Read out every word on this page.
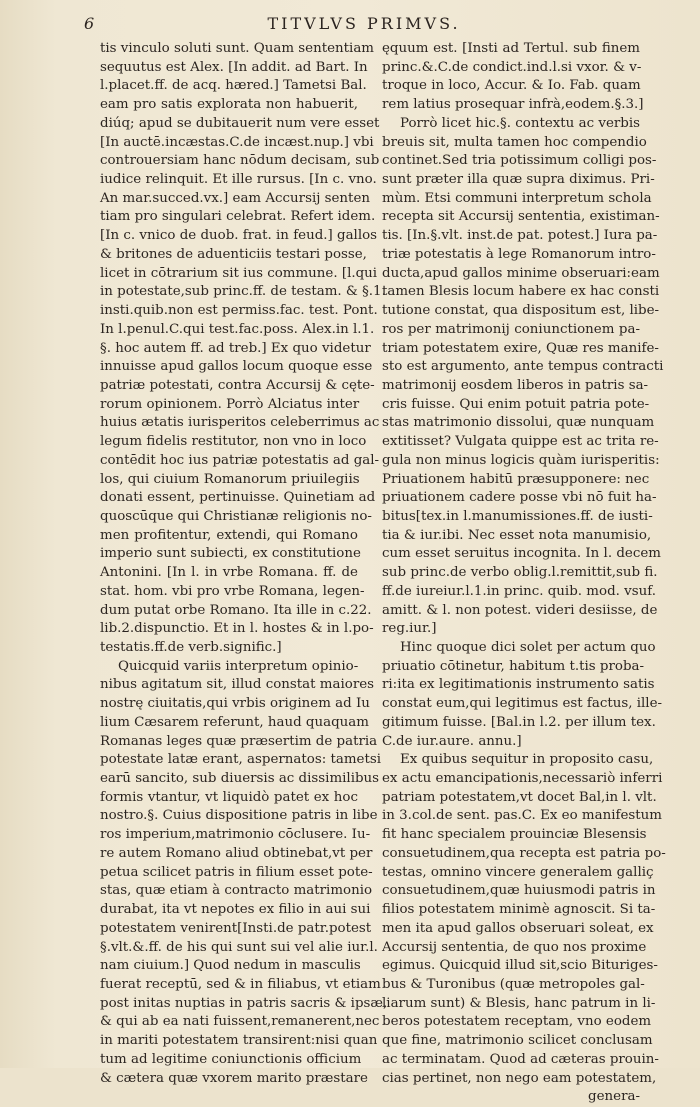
6	TITVLVS PRIMVS.
tis vinculo soluti sunt. Quam sententiam
sequutus est Alex. [In addit. ad Bart. In
l.placet.ff. de acq. hæred.] Tametsi Bal.
eam pro satis explorata non habuerit,
diúq; apud se dubitauerit num vere esset
[In auctē.incæstas.C.de incæst.nup.] vbi
controuersiam hanc nōdum decisam, sub
iudice relinquit. Et ille rursus. [In c. vno.
An mar.succed.vx.] eam Accursij senten
tiam pro singulari celebrat. Refert idem.
[In c. vnico de duob. frat. in feud.] gallos
& britones de aduenticiis testari posse,
licet in cōtrarium sit ius commune. [l.qui
in potestate,sub princ.ff. de testam. & §.1.
insti.quib.non est permiss.fac. test. Pont.
In l.penul.C.qui test.fac.poss. Alex.in l.1.
§. hoc autem ff. ad treb.] Ex quo videtur
innuisse apud gallos locum quoque esse
patriæ potestati, contra Accursij & cęte-
rorum opinionem. Porrò Alciatus inter
huius ætatis iurisperitos celeberrimus ac
legum fidelis restitutor, non vno in loco
contēdit hoc ius patriæ potestatis ad gal-
los, qui ciuium Romanorum priuilegiis
donati essent, pertinuisse. Quinetiam ad
quoscūque qui Christianæ religionis no-
men profitentur, extendi, qui Romano
imperio sunt subiecti, ex constitutione
Antonini. [In l. in vrbe Romana. ff. de
stat. hom. vbi pro vrbe Romana, legen-
dum putat orbe Romano. Ita ille in c.22.
lib.2.dispunctio. Et in l. hostes & in l.po-
testatis.ff.de verb.signific.]
Quicquid variis interpretum opinio-
nibus agitatum sit, illud constat maiores
nostrę ciuitatis,qui vrbis originem ad Iu
lium Cæsarem referunt, haud quaquam
Romanas leges quæ præsertim de patria
potestate latæ erant, aspernatos: tametsi
earū sancito, sub diuersis ac dissimilibus
formis vtantur, vt liquidò patet ex hoc
nostro.§. Cuius dispositione patris in libe
ros imperium,matrimonio cōclusere. Iu-
re autem Romano aliud obtinebat,vt per
petua scilicet patris in filium esset pote-
stas, quæ etiam à contracto matrimonio
durabat, ita vt nepotes ex filio in aui sui
potestatem venirent[Insti.de patr.potest
§.vlt.&.ff. de his qui sunt sui vel alie iur.l.
nam ciuium.] Quod nedum in masculis
fuerat receptū, sed & in filiabus, vt etiam
post initas nuptias in patris sacris & ipsæ,
& qui ab ea nati fuissent,remanerent,nec
in mariti potestatem transirent:nisi quan
tum ad legitime coniunctionis officium
& cætera quæ vxorem marito præstare
ęquum est. [Insti ad Tertul. sub finem
princ.&.C.de condict.ind.l.si vxor. & v-
troque in loco, Accur. & Io. Fab. quam
rem latius prosequar infrà,eodem.§.3.]
Porrò licet hic.§. contextu ac verbis
breuis sit, multa tamen hoc compendio
continet.Sed tria potissimum colligi pos-
sunt præter illa quæ supra diximus. Pri-
mùm. Etsi communi interpretum schola
recepta sit Accursij sententia, existiman-
tis. [In.§.vlt. inst.de pat. potest.] Iura pa-
triæ potestatis à lege Romanorum intro-
ducta,apud gallos minime obseruari:eam
tamen Blesis locum habere ex hac consti
tutione constat, qua dispositum est, libe-
ros per matrimonij coniunctionem pa-
triam potestatem exire, Quæ res manife-
sto est argumento, ante tempus contracti
matrimonij eosdem liberos in patris sa-
cris fuisse. Qui enim potuit patria pote-
stas matrimonio dissolui, quæ nunquam
extitisset? Vulgata quippe est ac trita re-
gula non minus logicis quàm iurisperitis:
Priuationem habitū præsupponere: nec
priuationem cadere posse vbi nō fuit ha-
bitus[tex.in l.manumissiones.ff. de iusti-
tia & iur.ibi. Nec esset nota manumisio,
cum esset seruitus incognita. In l. decem
sub princ.de verbo oblig.l.remittit,sub fi.
ff.de iureiur.l.1.in princ. quib. mod. vsuf.
amitt. & l. non potest. videri desiisse, de
reg.iur.]
Hinc quoque dici solet per actum quo
priuatio cōtinetur, habitum t.tis proba-
ri:ita ex legitimationis instrumento satis
constat eum,qui legitimus est factus, ille-
gitimum fuisse. [Bal.in l.2. per illum tex.
C.de iur.aure. annu.]
Ex quibus sequitur in proposito casu,
ex actu emancipationis,necessariò inferri
patriam potestatem,vt docet Bal,in l. vlt.
in 3.col.de sent. pas.C. Ex eo manifestum
fit hanc specialem prouinciæ Blesensis
consuetudinem,qua recepta est patria po-
testas, omnino vincere generalem galliç
consuetudinem,quæ huiusmodi patris in
filios potestatem minimè agnoscit. Si ta-
men ita apud gallos obseruari soleat, ex
Accursij sententia, de quo nos proxime
egimus. Quicquid illud sit,scio Bituriges-
bus & Turonibus (quæ metropoles gal-
liarum sunt) & Blesis, hanc patrum in li-
beros potestatem receptam, vno eodem
que fine, matrimonio scilicet conclusam
ac terminatam. Quod ad cæteras prouin-
cias pertinet, non nego eam potestatem,
genera-
